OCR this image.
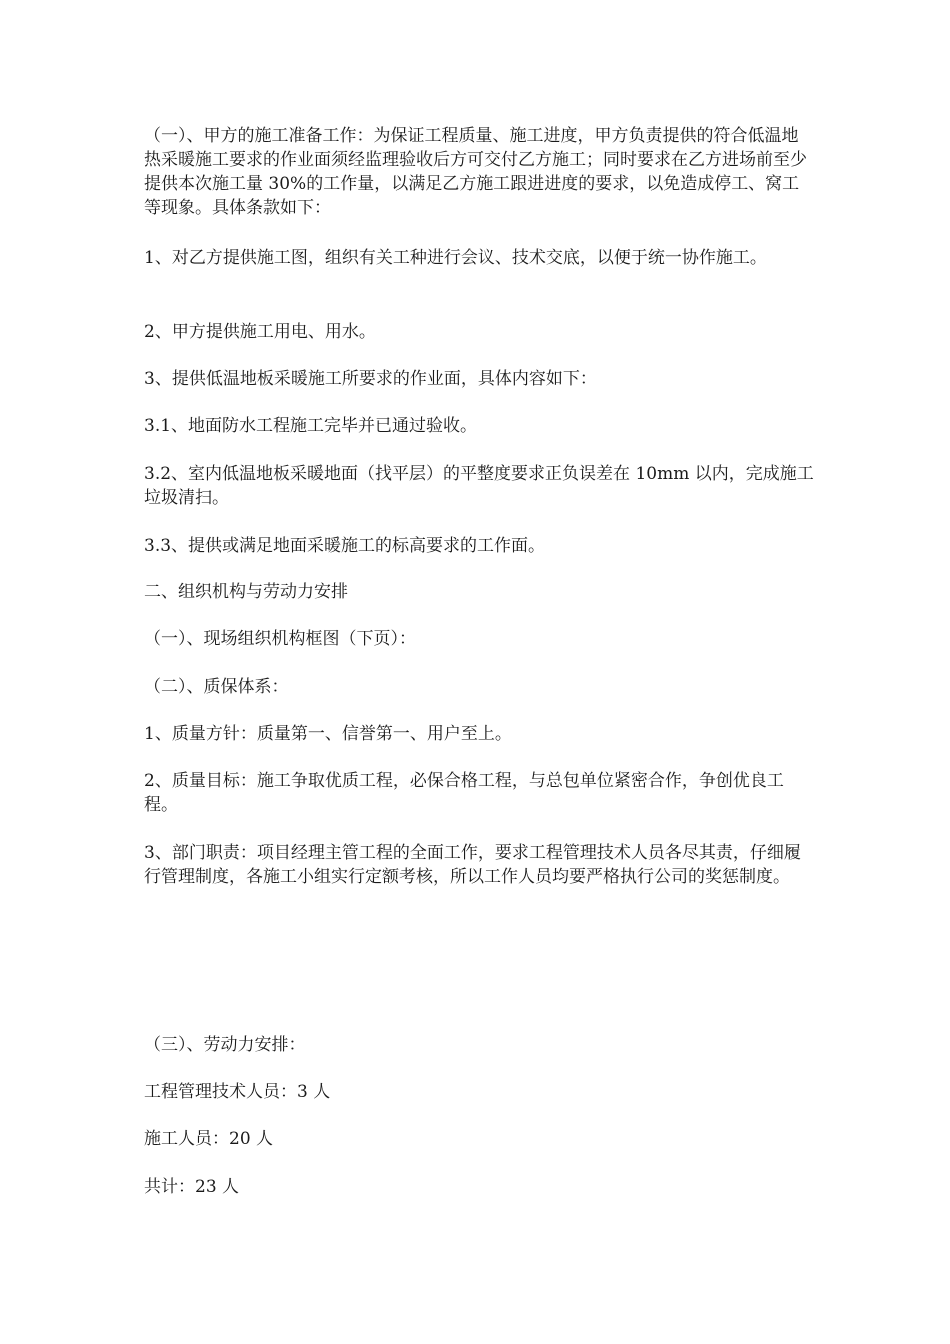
（一）、甲方的施工准备工作：为保证工程质量、施工进度，甲方负责提供的符合低温地热采暖施工要求的作业面须经监理验收后方可交付乙方施工；同时要求在乙方进场前至少提供本次施工量 30%的工作量，以满足乙方施工跟进进度的要求，以免造成停工、窝工等现象。具体条款如下：

1、对乙方提供施工图，组织有关工种进行会议、技术交底，以便于统一协作施工。

2、甲方提供施工用电、用水。

3、提供低温地板采暖施工所要求的作业面，具体内容如下：

3.1、地面防水工程施工完毕并已通过验收。

3.2、室内低温地板采暖地面（找平层）的平整度要求正负误差在 10mm 以内，完成施工垃圾清扫。

3.3、提供或满足地面采暖施工的标高要求的工作面。

二、组织机构与劳动力安排

（一）、现场组织机构框图（下页）：

（二）、质保体系：

1、质量方针：质量第一、信誉第一、用户至上。

2、质量目标：施工争取优质工程，必保合格工程，与总包单位紧密合作，争创优良工程。

3、部门职责：项目经理主管工程的全面工作，要求工程管理技术人员各尽其责，仔细履行管理制度，各施工小组实行定额考核，所以工作人员均要严格执行公司的奖惩制度。

（三）、劳动力安排：

工程管理技术人员：3 人

施工人员：20 人

共计：23 人
